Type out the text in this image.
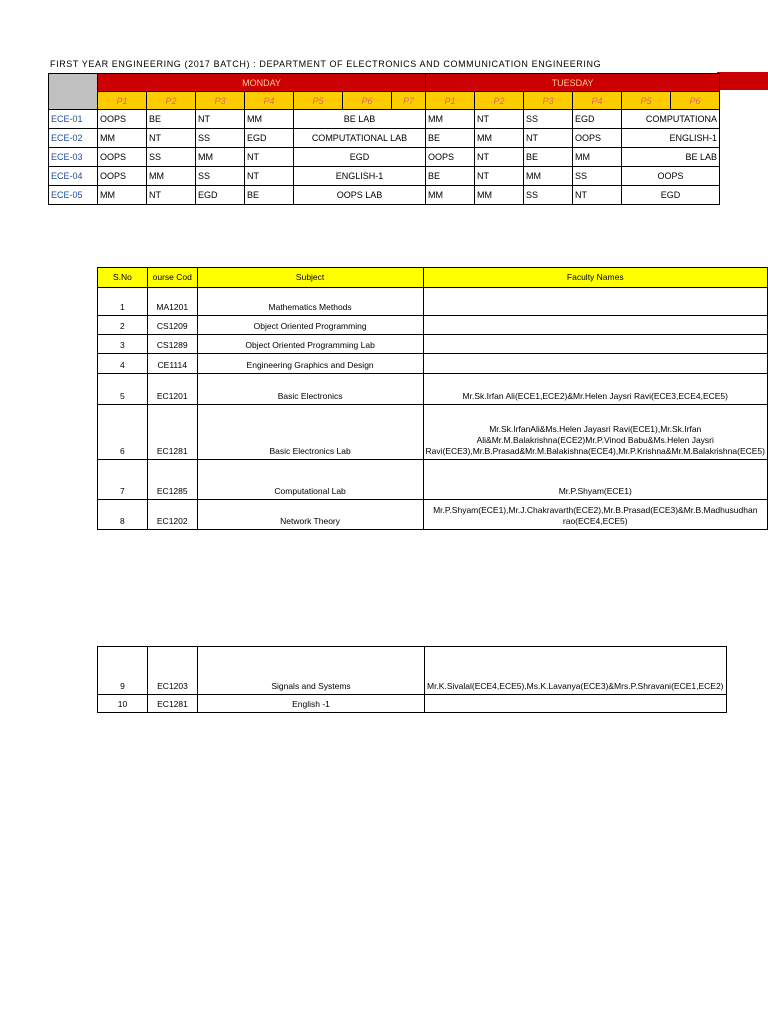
FIRST YEAR ENGINEERING (2017 BATCH) : DEPARTMENT OF ELECTRONICS AND COMMUNICATION ENGINEERING
	MONDAY							TUESDAY					
	P1	P2	P3	P4	P5	P6	P7	P1	P2	P3	P4	P5	P6
ECE-01	OOPS	BE	NT	MM	BE LAB			MM	NT	SS	EGD	COMPUTATIONA	
ECE-02	MM	NT	SS	EGD	COMPUTATIONAL LAB			BE	MM	NT	OOPS	ENGLISH-1	
ECE-03	OOPS	SS	MM	NT	EGD			OOPS	NT	BE	MM	BE LAB	
ECE-04	OOPS	MM	SS	NT	ENGLISH-1			BE	NT	MM	SS	OOPS	
ECE-05	MM	NT	EGD	BE	OOPS LAB			MM	MM	SS	NT	EGD	
S.No	ourse Cod	Subject	Faculty Names
1	MA1201	Mathematics Methods	
2	CS1209	Object Oriented Programming	
3	CS1289	Object Oriented Programming Lab	
4	CE1114	Engineering Graphics and Design	
5	EC1201	Basic Electronics	Mr.Sk.Irfan Ali(ECE1,ECE2)&Mr.Helen Jaysri Ravi(ECE3,ECE4,ECE5)
6	EC1281	Basic Electronics Lab	Mr.Sk.IrfanAli&Ms.Helen Jayasri Ravi(ECE1),Mr.Sk.Irfan Ali&Mr.M.Balakrishna(ECE2)Mr.P.Vinod Babu&Ms.Helen Jaysri Ravi(ECE3),Mr.B.Prasad&Mr.M.Balakishna(ECE4),Mr.P.Krishna&Mr.M.Balakrishna(ECE5)
7	EC1285	Computational Lab	Mr.P.Shyam(ECE1)
8	EC1202	Network Theory	Mr.P.Shyam(ECE1),Mr.J.Chakravarth(ECE2),Mr.B.Prasad(ECE3)&Mr.B.Madhusudhan rao(ECE4,ECE5)
9	EC1203	Signals and Systems	Mr.K.Sivalal(ECE4,ECE5),Ms.K.Lavanya(ECE3)&Mrs.P.Shravani(ECE1,ECE2)
10	EC1281	English -1	
